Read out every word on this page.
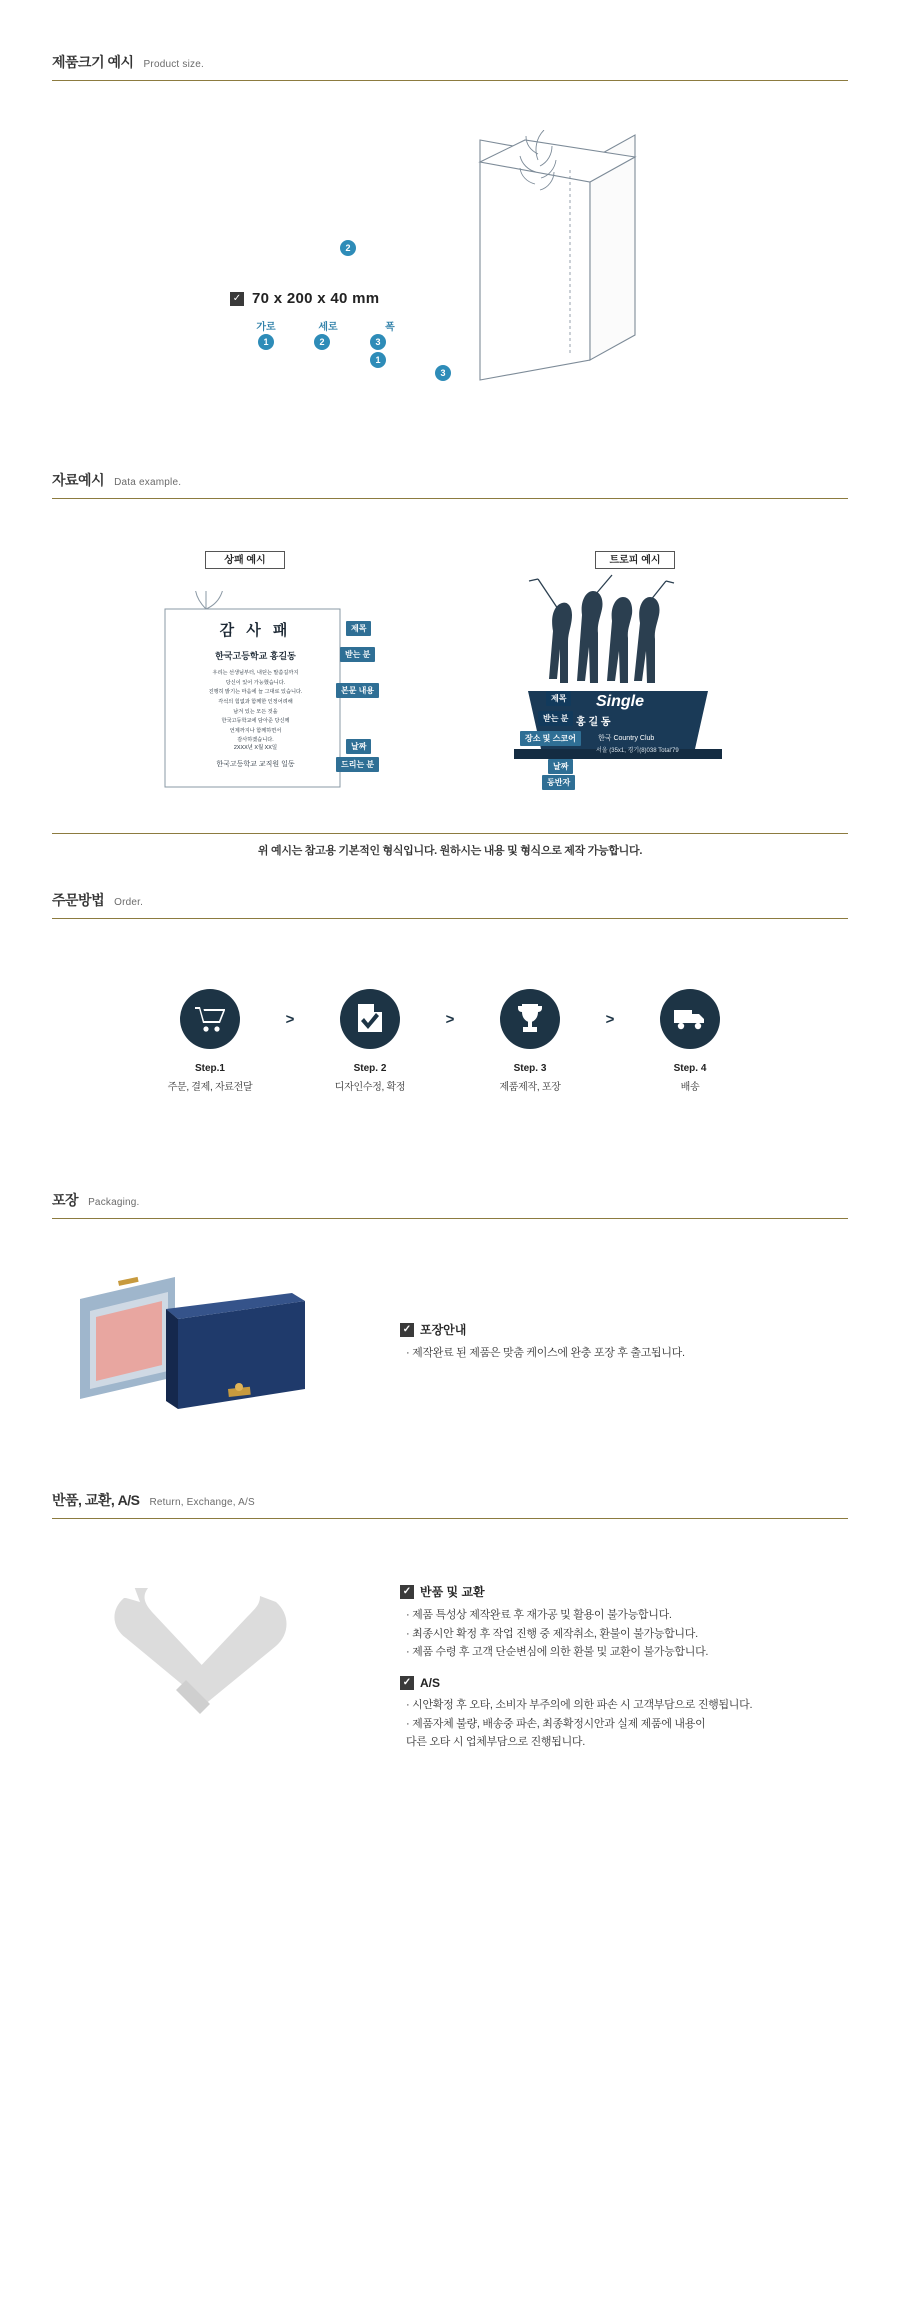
제품크기 예시 Product size.
✓
70 x 200 x 40 mm
가로	세로	폭
1	2	3
2
1
3
자료예시 Data example.
상패 예시	트로피 예시
감 사 패
한국고등학교 홍길동
우리는 선생님부터, 내딛는 말씀길까지
당신이 있어 가능했습니다.
진행히 밝기는 마음에 늘 그대로 있습니다.
각석의 힘없과 함께한 인정어려해
남겨 있는 모든 것을
한국고등학교에 담아준 당신께
언제까지나 함께하면서
감사하겠습니다.
2XXX년 X월 XX일
한국고등학교 교직원 일동
제목
받는 분
본문 내용
날짜
드리는 분
Single
홍 길 동
한국 Country Club
서울 (35x1, 경기(8)038 Total'79
2XXX년 X월 XX일
김 철 수 · 박 영 희 · 최 민 수
제목
받는 분
장소 및 스코어
날짜
동반자
위 예시는 참고용 기본적인 형식입니다. 원하시는 내용 및 형식으로 제작 가능합니다.
주문방법 Order.
Step.1
주문, 결제, 자료전달
>
Step. 2
디자인수정, 확정
>
Step. 3
제품제작, 포장
>
Step. 4
배송
포장 Packaging.
✓
포장안내
· 제작완료 된 제품은 맞춤 케이스에 완충 포장 후 출고됩니다.
반품, 교환, A/S Return, Exchange, A/S
✓
반품 및 교환
· 제품 특성상 제작완료 후 재가공 및 활용이 불가능합니다.
· 최종시안 확정 후 작업 진행 중 제작취소, 환불이 불가능합니다.
· 제품 수령 후 고객 단순변심에 의한 환불 및 교환이 불가능합니다.
✓
A/S
· 시안확정 후 오타, 소비자 부주의에 의한 파손 시 고객부담으로 진행됩니다.
· 제품자체 불량, 배송중 파손, 최종확정시안과 실제 제품에 내용이
다른 오타 시 업체부담으로 진행됩니다.
